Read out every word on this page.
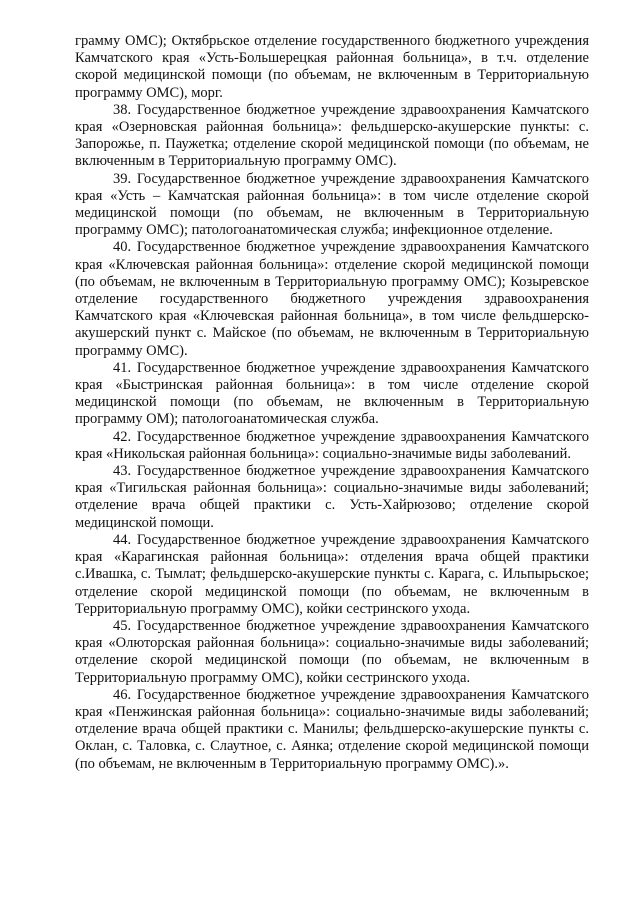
грамму ОМС); Октябрьское отделение государственного бюджетного учреждения Камчатского края «Усть-Большерецкая районная больница», в т.ч. отделение скорой медицинской помощи (по объемам, не включенным в Территориальную программу ОМС), морг.

38. Государственное бюджетное учреждение здравоохранения Камчатского края «Озерновская районная больница»: фельдшерско-акушерские пункты: с. Запорожье, п. Паужетка; отделение скорой медицинской помощи (по объемам, не включенным в Территориальную программу ОМС).

39. Государственное бюджетное учреждение здравоохранения Камчатского края «Усть – Камчатская районная больница»: в том числе отделение скорой медицинской помощи (по объемам, не включенным в Территориальную программу ОМС); патологоанатомическая служба; инфекционное отделение.

40. Государственное бюджетное учреждение здравоохранения Камчатского края «Ключевская районная больница»: отделение скорой медицинской помощи (по объемам, не включенным в Территориальную программу ОМС); Козыревское отделение государственного бюджетного учреждения здравоохранения Камчатского края «Ключевская районная больница», в том числе фельдшерско-акушерский пункт с. Майское (по объемам, не включенным в Территориальную программу ОМС).

41. Государственное бюджетное учреждение здравоохранения Камчатского края «Быстринская районная больница»: в том числе отделение скорой медицинской помощи (по объемам, не включенным в Территориальную программу ОМ); патологоанатомическая служба.

42. Государственное бюджетное учреждение здравоохранения Камчатского края «Никольская районная больница»: социально-значимые виды заболеваний.

43. Государственное бюджетное учреждение здравоохранения Камчатского края «Тигильская районная больница»: социально-значимые виды заболеваний; отделение врача общей практики с. Усть-Хайрюзово; отделение скорой медицинской помощи.

44. Государственное бюджетное учреждение здравоохранения Камчатского края «Карагинская районная больница»: отделения врача общей практики с.Ивашка, с. Тымлат; фельдшерско-акушерские пункты с. Карага, с. Ильпырьское; отделение скорой медицинской помощи (по объемам, не включенным в Территориальную программу ОМС), койки сестринского ухода.

45. Государственное бюджетное учреждение здравоохранения Камчатского края «Олюторская районная больница»: социально-значимые виды заболеваний; отделение скорой медицинской помощи (по объемам, не включенным в Территориальную программу ОМС), койки сестринского ухода.

46. Государственное бюджетное учреждение здравоохранения Камчатского края «Пенжинская районная больница»: социально-значимые виды заболеваний; отделение врача общей практики с. Манилы; фельдшерско-акушерские пункты с. Оклан, с. Таловка, с. Слаутное, с. Аянка; отделение скорой медицинской помощи (по объемам, не включенным в Территориальную программу ОМС).».
